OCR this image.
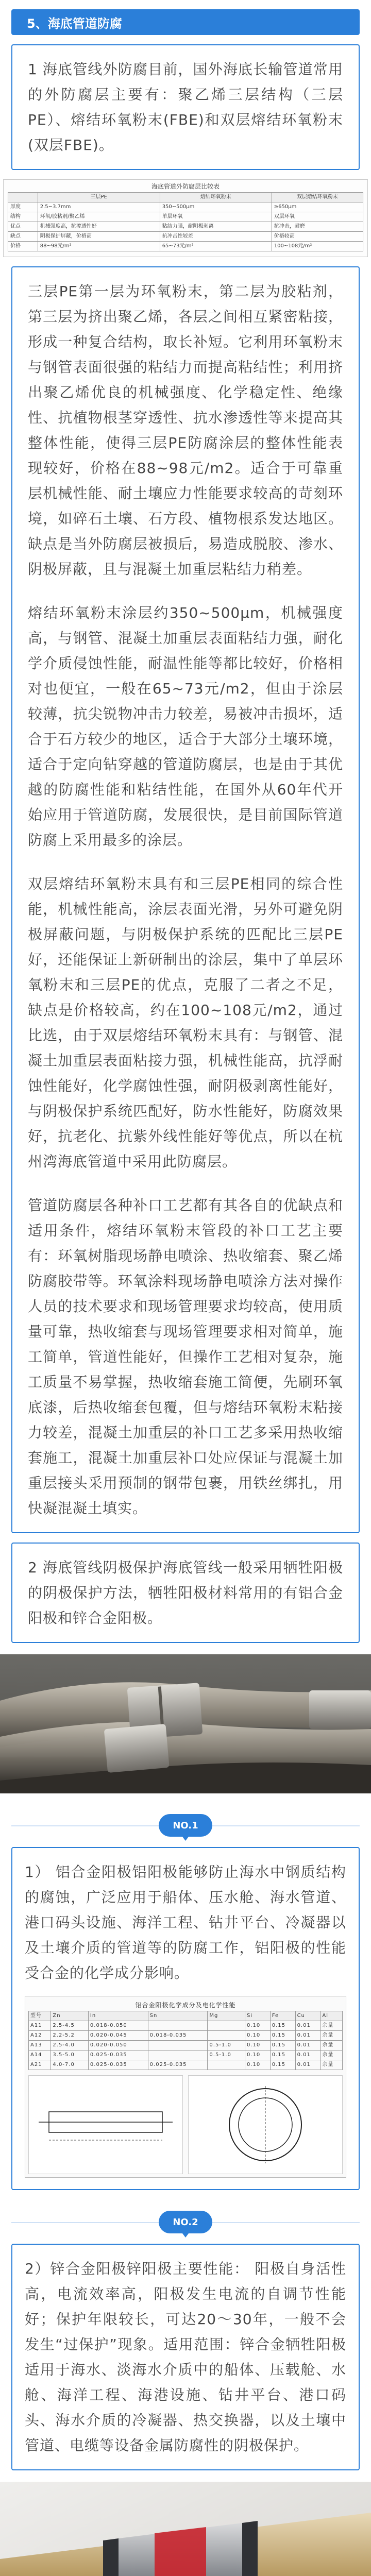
5、海底管道防腐

1 海底管线外防腐目前，国外海底长输管道常用的外防腐层主要有：聚乙烯三层结构（三层PE）、熔结环氧粉末(FBE)和双层熔结环氧粉末(双层FBE)。

海底管道外防腐层比较表
	三层PE	熔结环氧粉末	双层熔结环氧粉末
厚度	2.5~3.7mm	350~500μm	≥650μm
结构	环氧/胶粘剂/聚乙烯	单层环氧	双层环氧
优点	机械强度高，抗渗透性好	粘结力强，耐阴极剥离	抗冲击，耐磨
缺点	阴极保护屏蔽，价格高	抗冲击性较差	价格较高
价格	88~98元/m²	65~73元/m²	100~108元/m²

三层PE第一层为环氧粉末，第二层为胶粘剂，第三层为挤出聚乙烯，各层之间相互紧密粘接，形成一种复合结构，取长补短。它利用环氧粉末与钢管表面很强的粘结力而提高粘结性；利用挤出聚乙烯优良的机械强度、化学稳定性、绝缘性、抗植物根茎穿透性、抗水渗透性等来提高其整体性能，使得三层PE防腐涂层的整体性能表现较好，价格在88~98元/m2。适合于可靠重层机械性能、耐土壤应力性能要求较高的苛刻环境，如碎石土壤、石方段、植物根系发达地区。缺点是当外防腐层被损后，易造成脱胶、渗水、阴极屏蔽，且与混凝土加重层粘结力稍差。

熔结环氧粉末涂层约350~500μm，机械强度高，与钢管、混凝土加重层表面粘结力强，耐化学介质侵蚀性能，耐温性能等都比较好，价格相对也便宜，一般在65~73元/m2，但由于涂层较薄，抗尖锐物冲击力较差，易被冲击损坏，适合于石方较少的地区，适合于大部分土壤环境，适合于定向钻穿越的管道防腐层，也是由于其优越的防腐性能和粘结性能，在国外从60年代开始应用于管道防腐，发展很快，是目前国际管道防腐上采用最多的涂层。

双层熔结环氧粉末具有和三层PE相同的综合性能，机械性能高，涂层表面光滑，另外可避免阴极屏蔽问题，与阴极保护系统的匹配比三层PE好，还能保证上新研制出的涂层，集中了单层环氧粉末和三层PE的优点，克服了二者之不足，缺点是价格较高，约在100~108元/m2，通过比选，由于双层熔结环氧粉末具有：与钢管、混凝土加重层表面粘接力强，机械性能高，抗浮耐蚀性能好，化学腐蚀性强，耐阴极剥离性能好，与阴极保护系统匹配好，防水性能好，防腐效果好，抗老化、抗紫外线性能好等优点，所以在杭州湾海底管道中采用此防腐层。

管道防腐层各种补口工艺都有其各自的优缺点和适用条件，熔结环氧粉末管段的补口工艺主要有：环氧树脂现场静电喷涂、热收缩套、聚乙烯防腐胶带等。环氧涂料现场静电喷涂方法对操作人员的技术要求和现场管理要求均较高，使用质量可靠，热收缩套与现场管理要求相对简单，施工简单，管道性能好，但操作工艺相对复杂，施工质量不易掌握，热收缩套施工简便，先刷环氧底漆，后热收缩套包覆，但与熔结环氧粉末粘接力较差，混凝土加重层的补口工艺多采用热收缩套施工，混凝土加重层补口处应保证与混凝土加重层接头采用预制的钢带包裹，用铁丝绑扎，用快凝混凝土填实。

2 海底管线阴极保护海底管线一般采用牺牲阳极的阴极保护方法，牺牲阳极材料常用的有铝合金阳极和锌合金阳极。

NO.1

1） 铝合金阳极铝阳极能够防止海水中钢质结构的腐蚀，广泛应用于船体、压水舱、海水管道、港口码头设施、海洋工程、钻井平台、冷凝器以及土壤介质的管道等的防腐工作，铝阳极的性能受合金的化学成分影响。

铝合金阳极化学成分及电化学性能
型号	Zn	In	Sn	Mg	Si	Fe	Cu	Al
A11	2.5-4.5	0.018-0.050			0.10	0.15	0.01	余量
A12	2.2-5.2	0.020-0.045	0.018-0.035		0.10	0.15	0.01	余量
A13	2.5-4.0	0.020-0.050		0.5-1.0	0.10	0.15	0.01	余量
A14	3.5-5.0	0.025-0.035		0.5-1.0	0.10	0.15	0.01	余量
A21	4.0-7.0	0.025-0.035	0.025-0.035		0.10	0.15	0.01	余量
NO.2

2）锌合金阳极锌阳极主要性能： 阳极自身活性高，电流效率高，阳极发生电流的自调节性能好；保护年限较长，可达20～30年，一般不会发生“过保护”现象。适用范围：锌合金牺牲阳极适用于海水、淡海水介质中的船体、压载舱、水舱、海洋工程、海港设施、钻井平台、港口码头、海水介质的冷凝器、热交换器，以及土壤中管道、电缆等设备金属防腐性的阴极保护。
